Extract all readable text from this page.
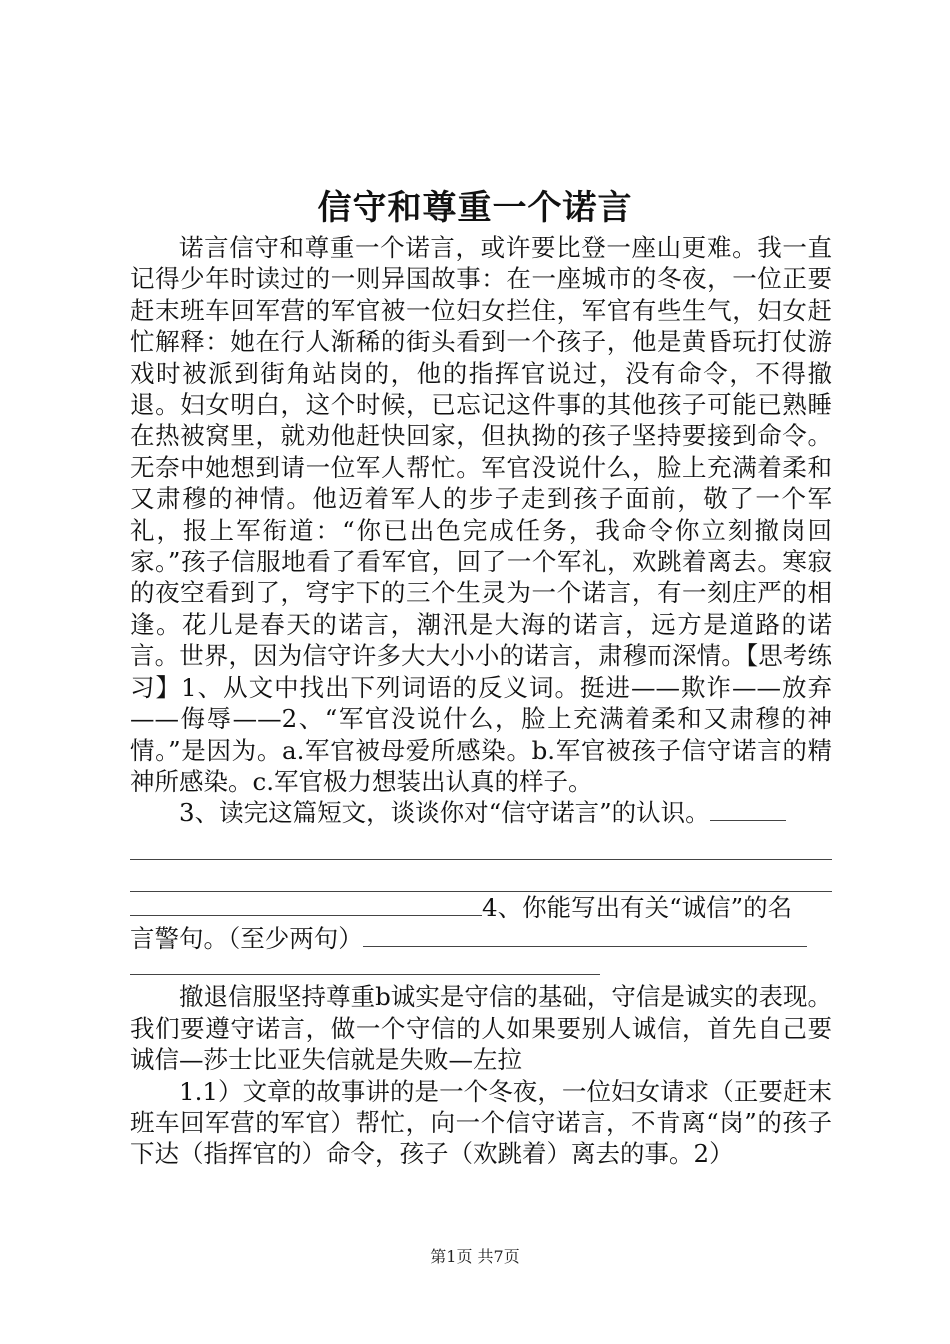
信守和尊重一个诺言

诺言信守和尊重一个诺言，或许要比登一座山更难。我一直记得少年时读过的一则异国故事：在一座城市的冬夜，一位正要赶末班车回军营的军官被一位妇女拦住，军官有些生气，妇女赶忙解释：她在行人渐稀的街头看到一个孩子，他是黄昏玩打仗游戏时被派到街角站岗的，他的指挥官说过，没有命令，不得撤退。妇女明白，这个时候，已忘记这件事的其他孩子可能已熟睡在热被窝里，就劝他赶快回家，但执拗的孩子坚持要接到命令。无奈中她想到请一位军人帮忙。军官没说什么，脸上充满着柔和又肃穆的神情。他迈着军人的步子走到孩子面前，敬了一个军礼，报上军衔道：“你已出色完成任务，我命令你立刻撤岗回家。”孩子信服地看了看军官，回了一个军礼，欢跳着离去。寒寂的夜空看到了，穹宇下的三个生灵为一个诺言，有一刻庄严的相逢。花儿是春天的诺言，潮汛是大海的诺言，远方是道路的诺言。世界，因为信守许多大大小小的诺言，肃穆而深情。【思考练习】1、从文中找出下列词语的反义词。挺进——欺诈——放弃——侮辱——2、“军官没说什么，脸上充满着柔和又肃穆的神情。”是因为。a.军官被母爱所感染。b.军官被孩子信守诺言的精神所感染。c.军官极力想装出认真的样子。

3、读完这篇短文，谈谈你对“信守诺言”的认识。

4、你能写出有关“诚信”的名

言警句。（至少两句）

撤退信服坚持尊重b诚实是守信的基础，守信是诚实的表现。我们要遵守诺言，做一个守信的人如果要别人诚信，首先自己要诚信—莎士比亚失信就是失败—左拉

1.1）文章的故事讲的是一个冬夜，一位妇女请求（正要赶末班车回军营的军官）帮忙，向一个信守诺言，不肯离“岗”的孩子下达（指挥官的）命令，孩子（欢跳着）离去的事。2）

第1页 共7页
